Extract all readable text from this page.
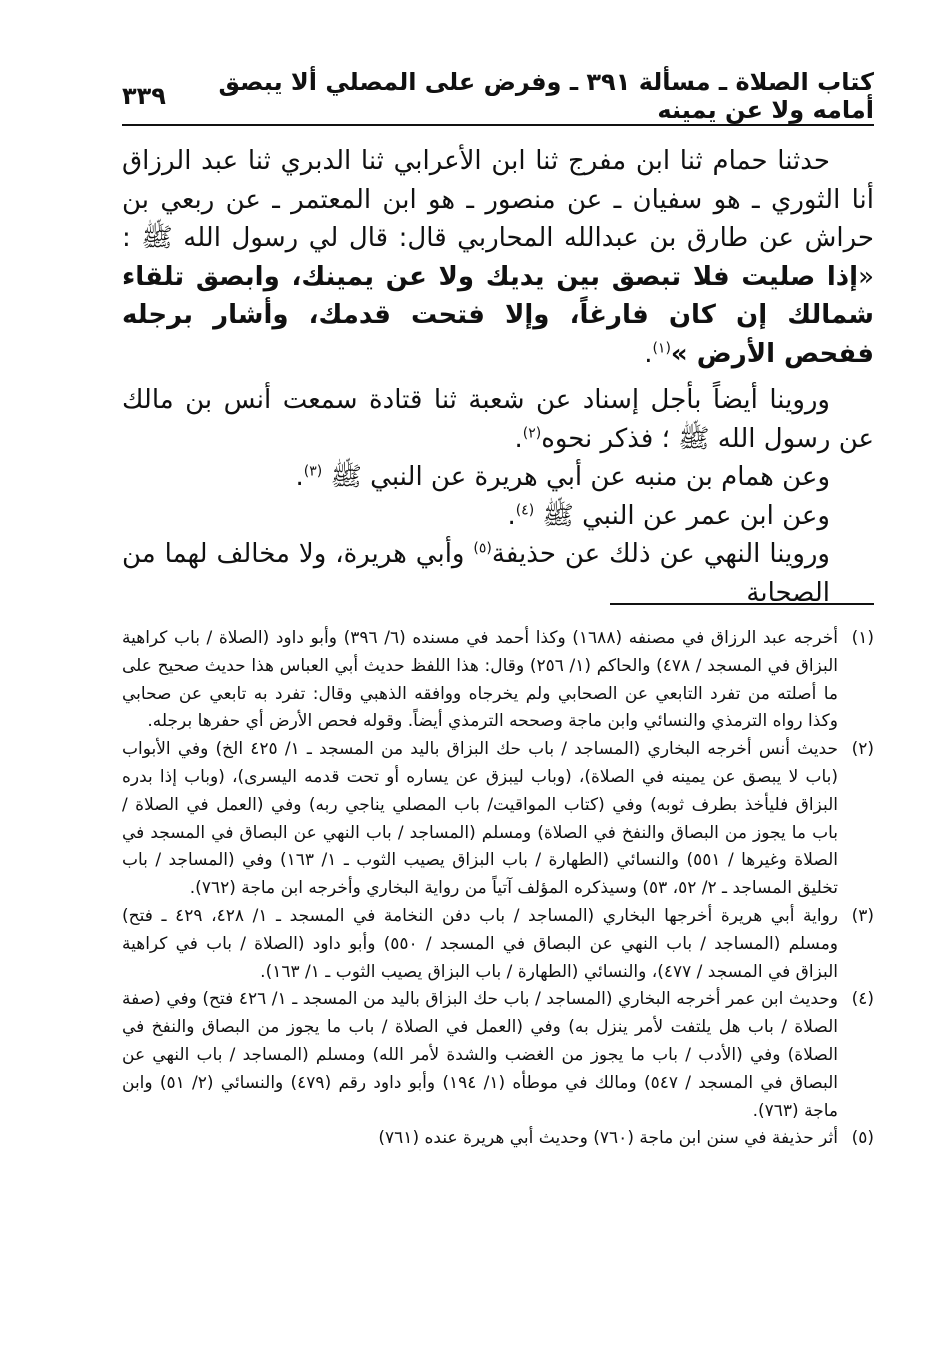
كتاب الصلاة ـ مسألة ٣٩١ ـ وفرض على المصلي ألا يبصق أمامه ولا عن يمينه
٣٣٩

حدثنا حمام ثنا ابن مفرج ثنا ابن الأعرابي ثنا الدبري ثنا عبد الرزاق أنا الثوري ـ هو سفيان ـ عن منصور ـ هو ابن المعتمر ـ عن ربعي بن حراش عن طارق بن عبدالله المحاربي قال: قال لي رسول الله ﷺ : «إذا صليت فلا تبصق بين يديك ولا عن يمينك، وابصق تلقاء شمالك إن كان فارغاً، وإلا فتحت قدمك، وأشار برجله ففحص الأرض »$^{(١)}$.

وروينا أيضاً بأجل إسناد عن شعبة ثنا قتادة سمعت أنس بن مالك عن رسول الله ﷺ ؛ فذكر نحوه$^{(٢)}$.

وعن همام بن منبه عن أبي هريرة عن النبي ﷺ $^{(٣)}$.

وعن ابن عمر عن النبي ﷺ $^{(٤)}$.

وروينا النهي عن ذلك عن حذيفة$^{(٥)}$ وأبي هريرة، ولا مخالف لهما من الصحابة

(١)
أخرجه عبد الرزاق في مصنفه (١٦٨٨) وكذا أحمد في مسنده (٦/ ٣٩٦) وأبو داود (الصلاة / باب كراهية البزاق في المسجد / ٤٧٨) والحاكم (١/ ٢٥٦) وقال: هذا اللفظ حديث أبي العباس هذا حديث صحيح على ما أصلته من تفرد التابعي عن الصحابي ولم يخرجاه ووافقه الذهبي وقال: تفرد به تابعي عن صحابي وكذا رواه الترمذي والنسائي وابن ماجة وصححه الترمذي أيضاً. وقوله فحص الأرض أي حفرها برجله.
(٢)
حديث أنس أخرجه البخاري (المساجد / باب حك البزاق باليد من المسجد ـ ١/ ٤٢٥ الخ) وفي الأبواب (باب لا يبصق عن يمينه في الصلاة)، (وباب ليبزق عن يساره أو تحت قدمه اليسرى)، (وباب إذا بدره البزاق فليأخذ بطرف ثوبه) وفي (كتاب المواقيت/ باب المصلي يناجي ربه) وفي (العمل في الصلاة / باب ما يجوز من البصاق والنفخ في الصلاة) ومسلم (المساجد / باب النهي عن البصاق في المسجد في الصلاة وغيرها / ٥٥١) والنسائي (الطهارة / باب البزاق يصيب الثوب ـ ١/ ١٦٣) وفي (المساجد / باب تخليق المساجد ـ ٢/ ٥٢، ٥٣) وسيذكره المؤلف آتياً من رواية البخاري وأخرجه ابن ماجة (٧٦٢).
(٣)
رواية أبي هريرة أخرجها البخاري (المساجد / باب دفن النخامة في المسجد ـ ١/ ٤٢٨، ٤٢٩ ـ فتح) ومسلم (المساجد / باب النهي عن البصاق في المسجد / ٥٥٠) وأبو داود (الصلاة / باب في كراهية البزاق في المسجد / ٤٧٧)، والنسائي (الطهارة / باب البزاق يصيب الثوب ـ ١/ ١٦٣).
(٤)
وحديث ابن عمر أخرجه البخاري (المساجد / باب حك البزاق باليد من المسجد ـ ١/ ٤٢٦ فتح) وفي (صفة الصلاة / باب هل يلتفت لأمر ينزل به) وفي (العمل في الصلاة / باب ما يجوز من البصاق والنفخ في الصلاة) وفي (الأدب / باب ما يجوز من الغضب والشدة لأمر الله) ومسلم (المساجد / باب النهي عن البصاق في المسجد / ٥٤٧) ومالك في موطأه (١/ ١٩٤) وأبو داود رقم (٤٧٩) والنسائي (٢/ ٥١) وابن ماجة (٧٦٣).
(٥)
أثر حذيفة في سنن ابن ماجة (٧٦٠) وحديث أبي هريرة عنده (٧٦١)
